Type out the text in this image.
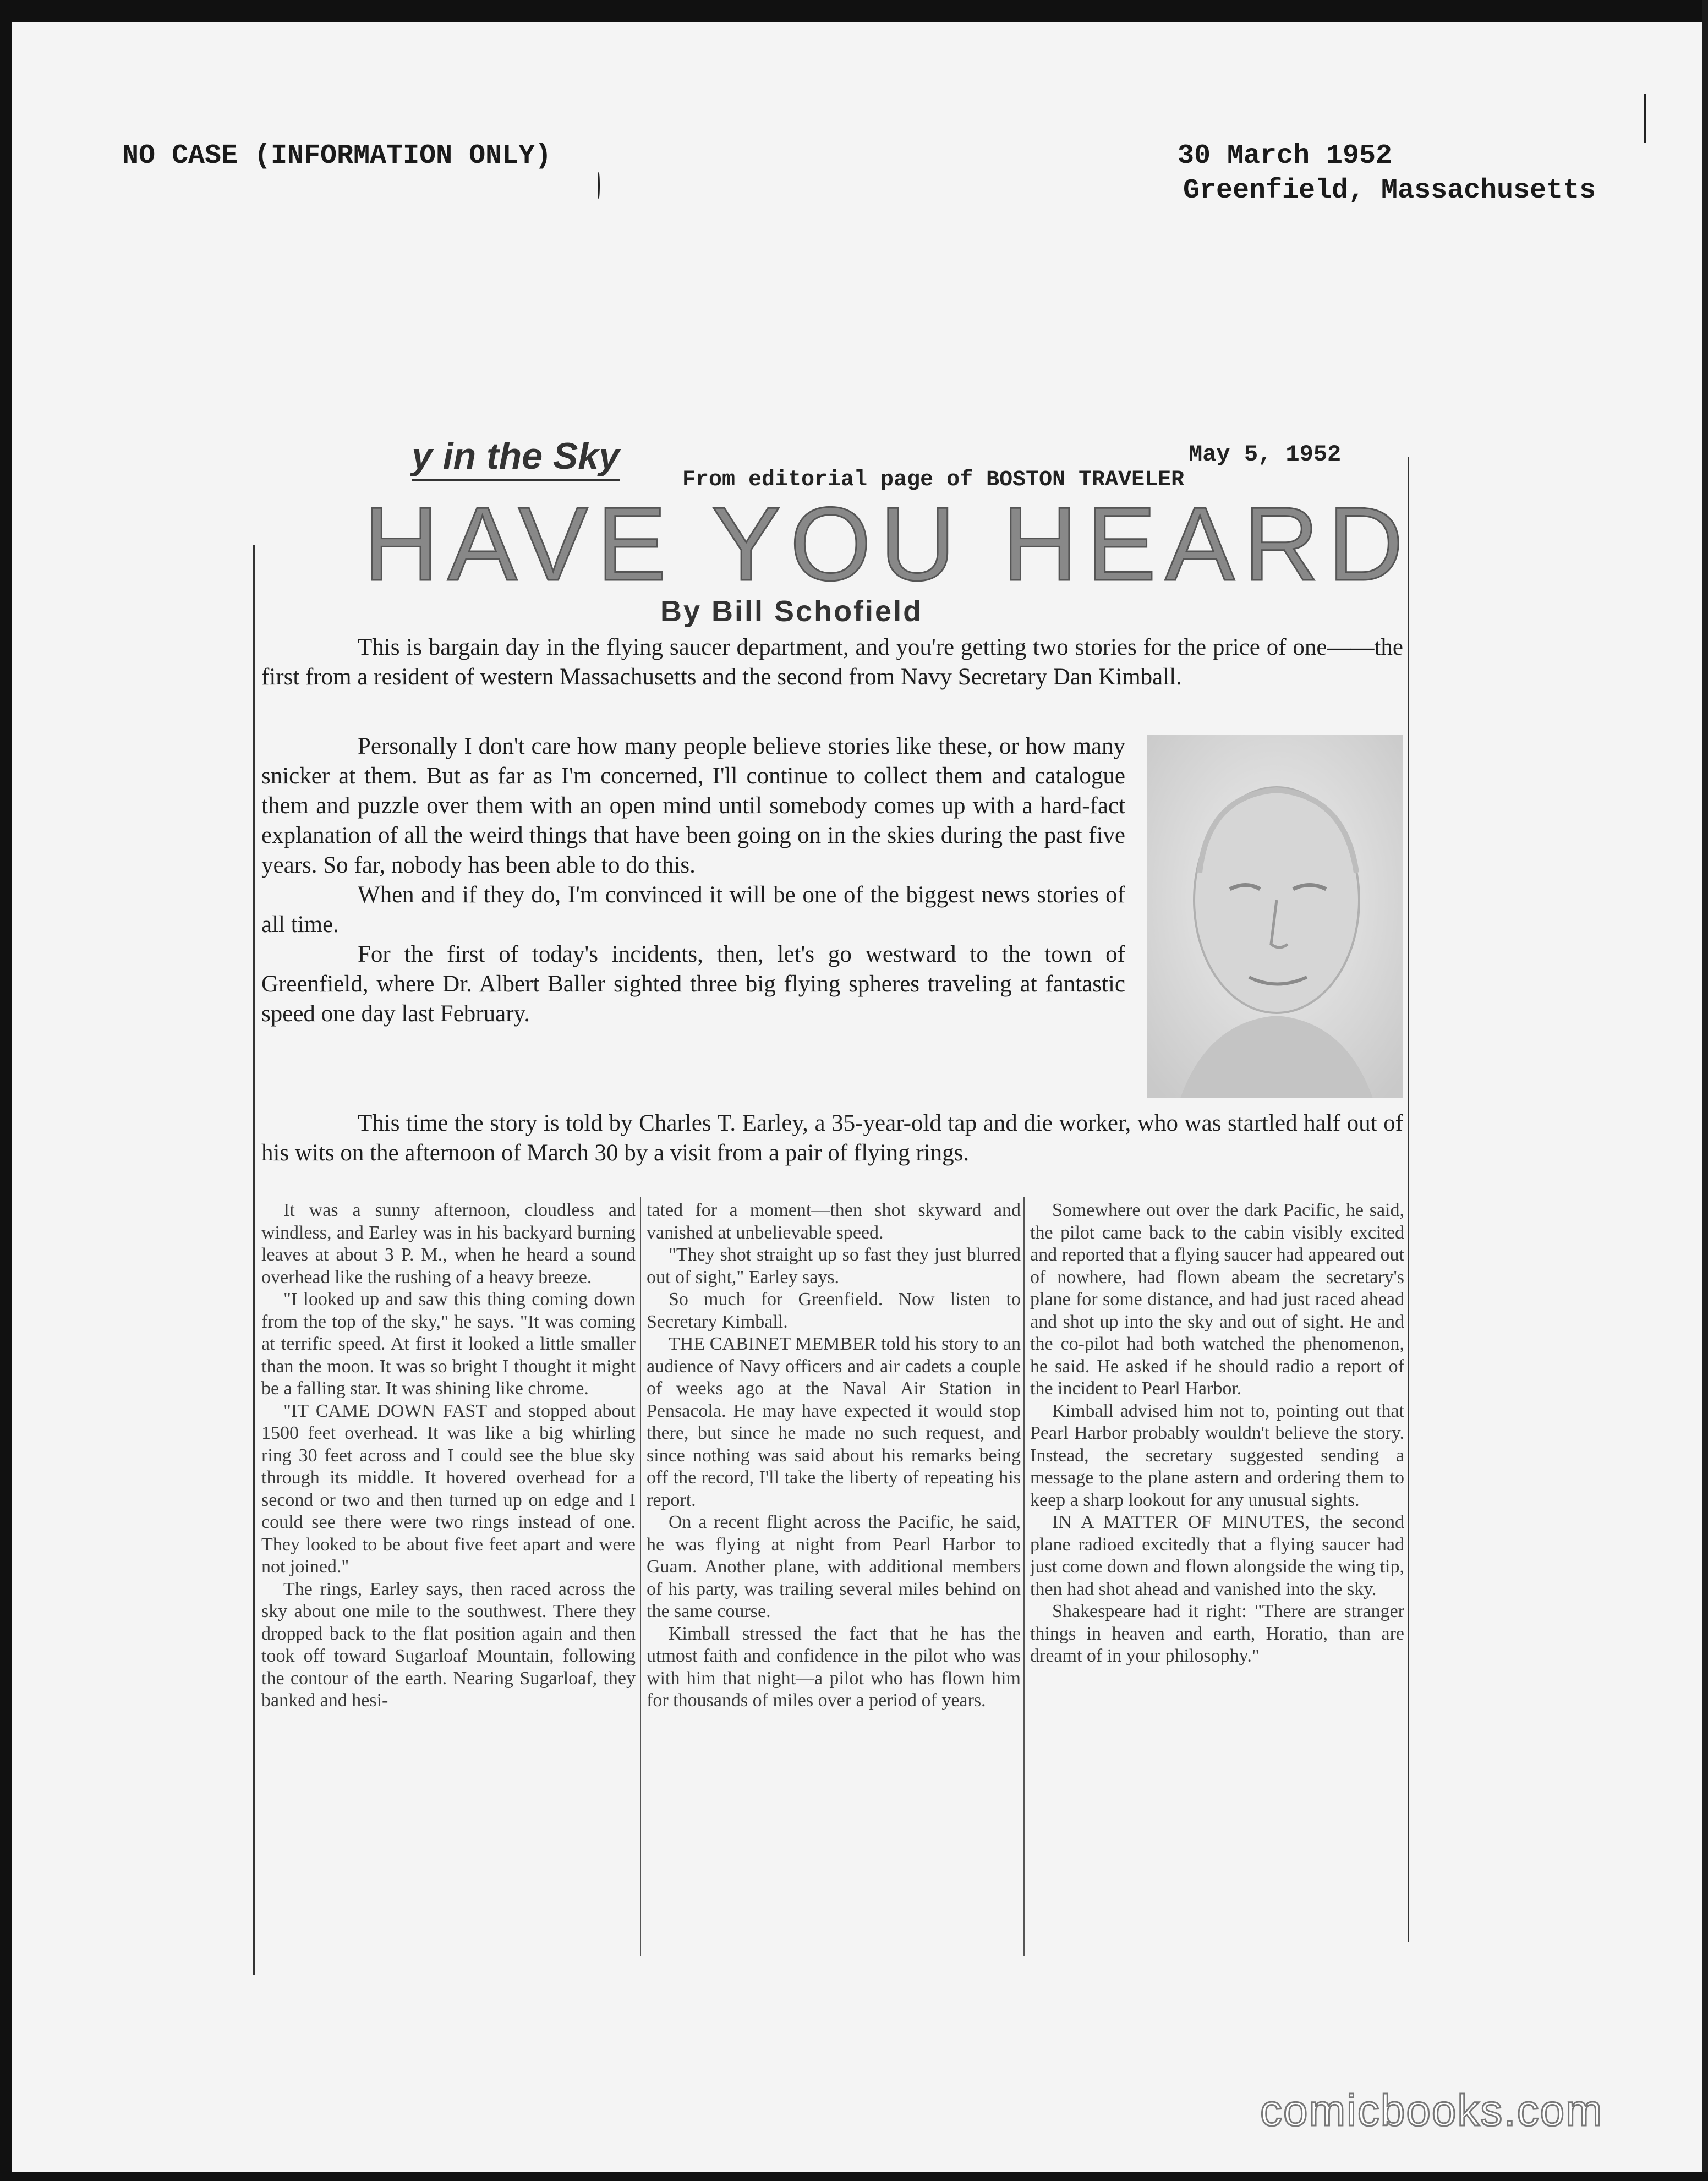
NO CASE (INFORMATION ONLY)	30 March 1952
Greenfield, Massachusetts
y in the Sky	May 5, 1952
From editorial page of BOSTON TRAVELER
HAVE YOU HEARD
By Bill Schofield
This is bargain day in the flying saucer department, and you're getting two stories for the price of one——the first from a resident of western Massachusetts and the second from Navy Secretary Dan Kimball.

Personally I don't care how many people believe stories like these, or how many snicker at them. But as far as I'm concerned, I'll continue to collect them and catalogue them and puzzle over them with an open mind until somebody comes up with a hard-fact explanation of all the weird things that have been going on in the skies during the past five years. So far, nobody has been able to do this.

When and if they do, I'm convinced it will be one of the biggest news stories of all time.

For the first of today's incidents, then, let's go westward to the town of Greenfield, where Dr. Albert Baller sighted three big flying spheres traveling at fantastic speed one day last February.

This time the story is told by Charles T. Earley, a 35-year-old tap and die worker, who was startled half out of his wits on the afternoon of March 30 by a visit from a pair of flying rings.

It was a sunny afternoon, cloudless and windless, and Earley was in his backyard burning leaves at about 3 P. M., when he heard a sound overhead like the rushing of a heavy breeze.

"I looked up and saw this thing coming down from the top of the sky," he says. "It was coming at terrific speed. At first it looked a little smaller than the moon. It was so bright I thought it might be a falling star. It was shining like chrome.

"IT CAME DOWN FAST and stopped about 1500 feet overhead. It was like a big whirling ring 30 feet across and I could see the blue sky through its middle. It hovered overhead for a second or two and then turned up on edge and I could see there were two rings instead of one. They looked to be about five feet apart and were not joined."

The rings, Earley says, then raced across the sky about one mile to the southwest. There they dropped back to the flat position again and then took off toward Sugarloaf Mountain, following the contour of the earth. Nearing Sugarloaf, they banked and hesi-

tated for a moment—then shot skyward and vanished at unbelievable speed.

"They shot straight up so fast they just blurred out of sight," Earley says.

So much for Greenfield. Now listen to Secretary Kimball.

THE CABINET MEMBER told his story to an audience of Navy officers and air cadets a couple of weeks ago at the Naval Air Station in Pensacola. He may have expected it would stop there, but since he made no such request, and since nothing was said about his remarks being off the record, I'll take the liberty of repeating his report.

On a recent flight across the Pacific, he said, he was flying at night from Pearl Harbor to Guam. Another plane, with additional members of his party, was trailing several miles behind on the same course.

Kimball stressed the fact that he has the utmost faith and confidence in the pilot who was with him that night—a pilot who has flown him for thousands of miles over a period of years.

Somewhere out over the dark Pacific, he said, the pilot came back to the cabin visibly excited and reported that a flying saucer had appeared out of nowhere, had flown abeam the secretary's plane for some distance, and had just raced ahead and shot up into the sky and out of sight. He and the co-pilot had both watched the phenomenon, he said. He asked if he should radio a report of the incident to Pearl Harbor.

Kimball advised him not to, pointing out that Pearl Harbor probably wouldn't believe the story. Instead, the secretary suggested sending a message to the plane astern and ordering them to keep a sharp lookout for any unusual sights.

IN A MATTER OF MINUTES, the second plane radioed excitedly that a flying saucer had just come down and flown alongside the wing tip, then had shot ahead and vanished into the sky.

Shakespeare had it right: "There are stranger things in heaven and earth, Horatio, than are dreamt of in your philosophy."

comicbooks.com
